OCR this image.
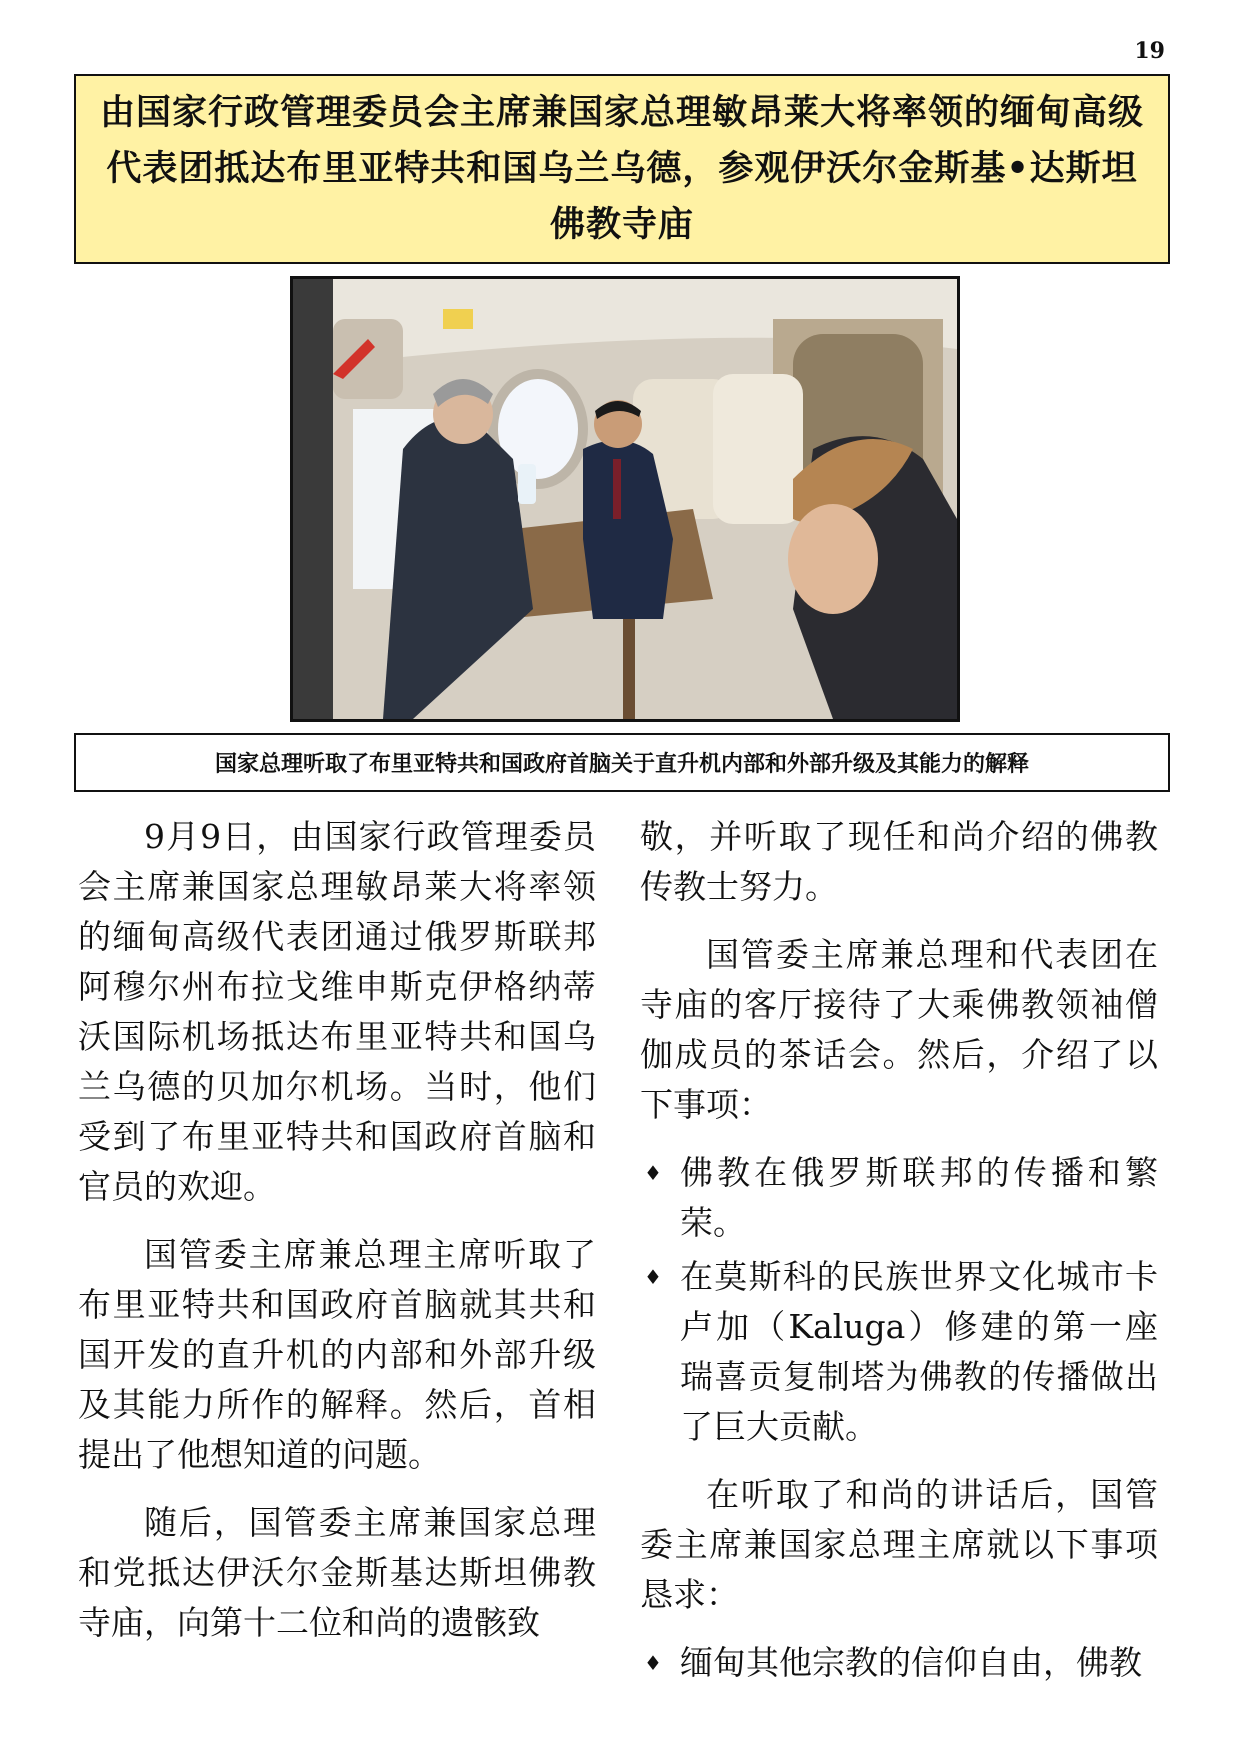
19
由国家行政管理委员会主席兼国家总理敏昂莱大将率领的缅甸高级代表团抵达布里亚特共和国乌兰乌德，参观伊沃尔金斯基•达斯坦佛教寺庙
国家总理听取了布里亚特共和国政府首脑关于直升机内部和外部升级及其能力的解释

9月9日，由国家行政管理委员会主席兼国家总理敏昂莱大将率领的缅甸高级代表团通过俄罗斯联邦阿穆尔州布拉戈维申斯克伊格纳蒂沃国际机场抵达布里亚特共和国乌兰乌德的贝加尔机场。当时，他们受到了布里亚特共和国政府首脑和官员的欢迎。

国管委主席兼总理主席听取了布里亚特共和国政府首脑就其共和国开发的直升机的内部和外部升级及其能力所作的解释。然后，首相提出了他想知道的问题。

随后，国管委主席兼国家总理和党抵达伊沃尔金斯基达斯坦佛教寺庙，向第十二位和尚的遗骸致

敬，并听取了现任和尚介绍的佛教传教士努力。

国管委主席兼总理和代表团在寺庙的客厅接待了大乘佛教领袖僧伽成员的茶话会。然后，介绍了以下事项：

♦ 佛教在俄罗斯联邦的传播和繁荣。
♦ 在莫斯科的民族世界文化城市卡卢加（Kaluga）修建的第一座瑞喜贡复制塔为佛教的传播做出了巨大贡献。

在听取了和尚的讲话后，国管委主席兼国家总理主席就以下事项恳求：

♦ 缅甸其他宗教的信仰自由，佛教
